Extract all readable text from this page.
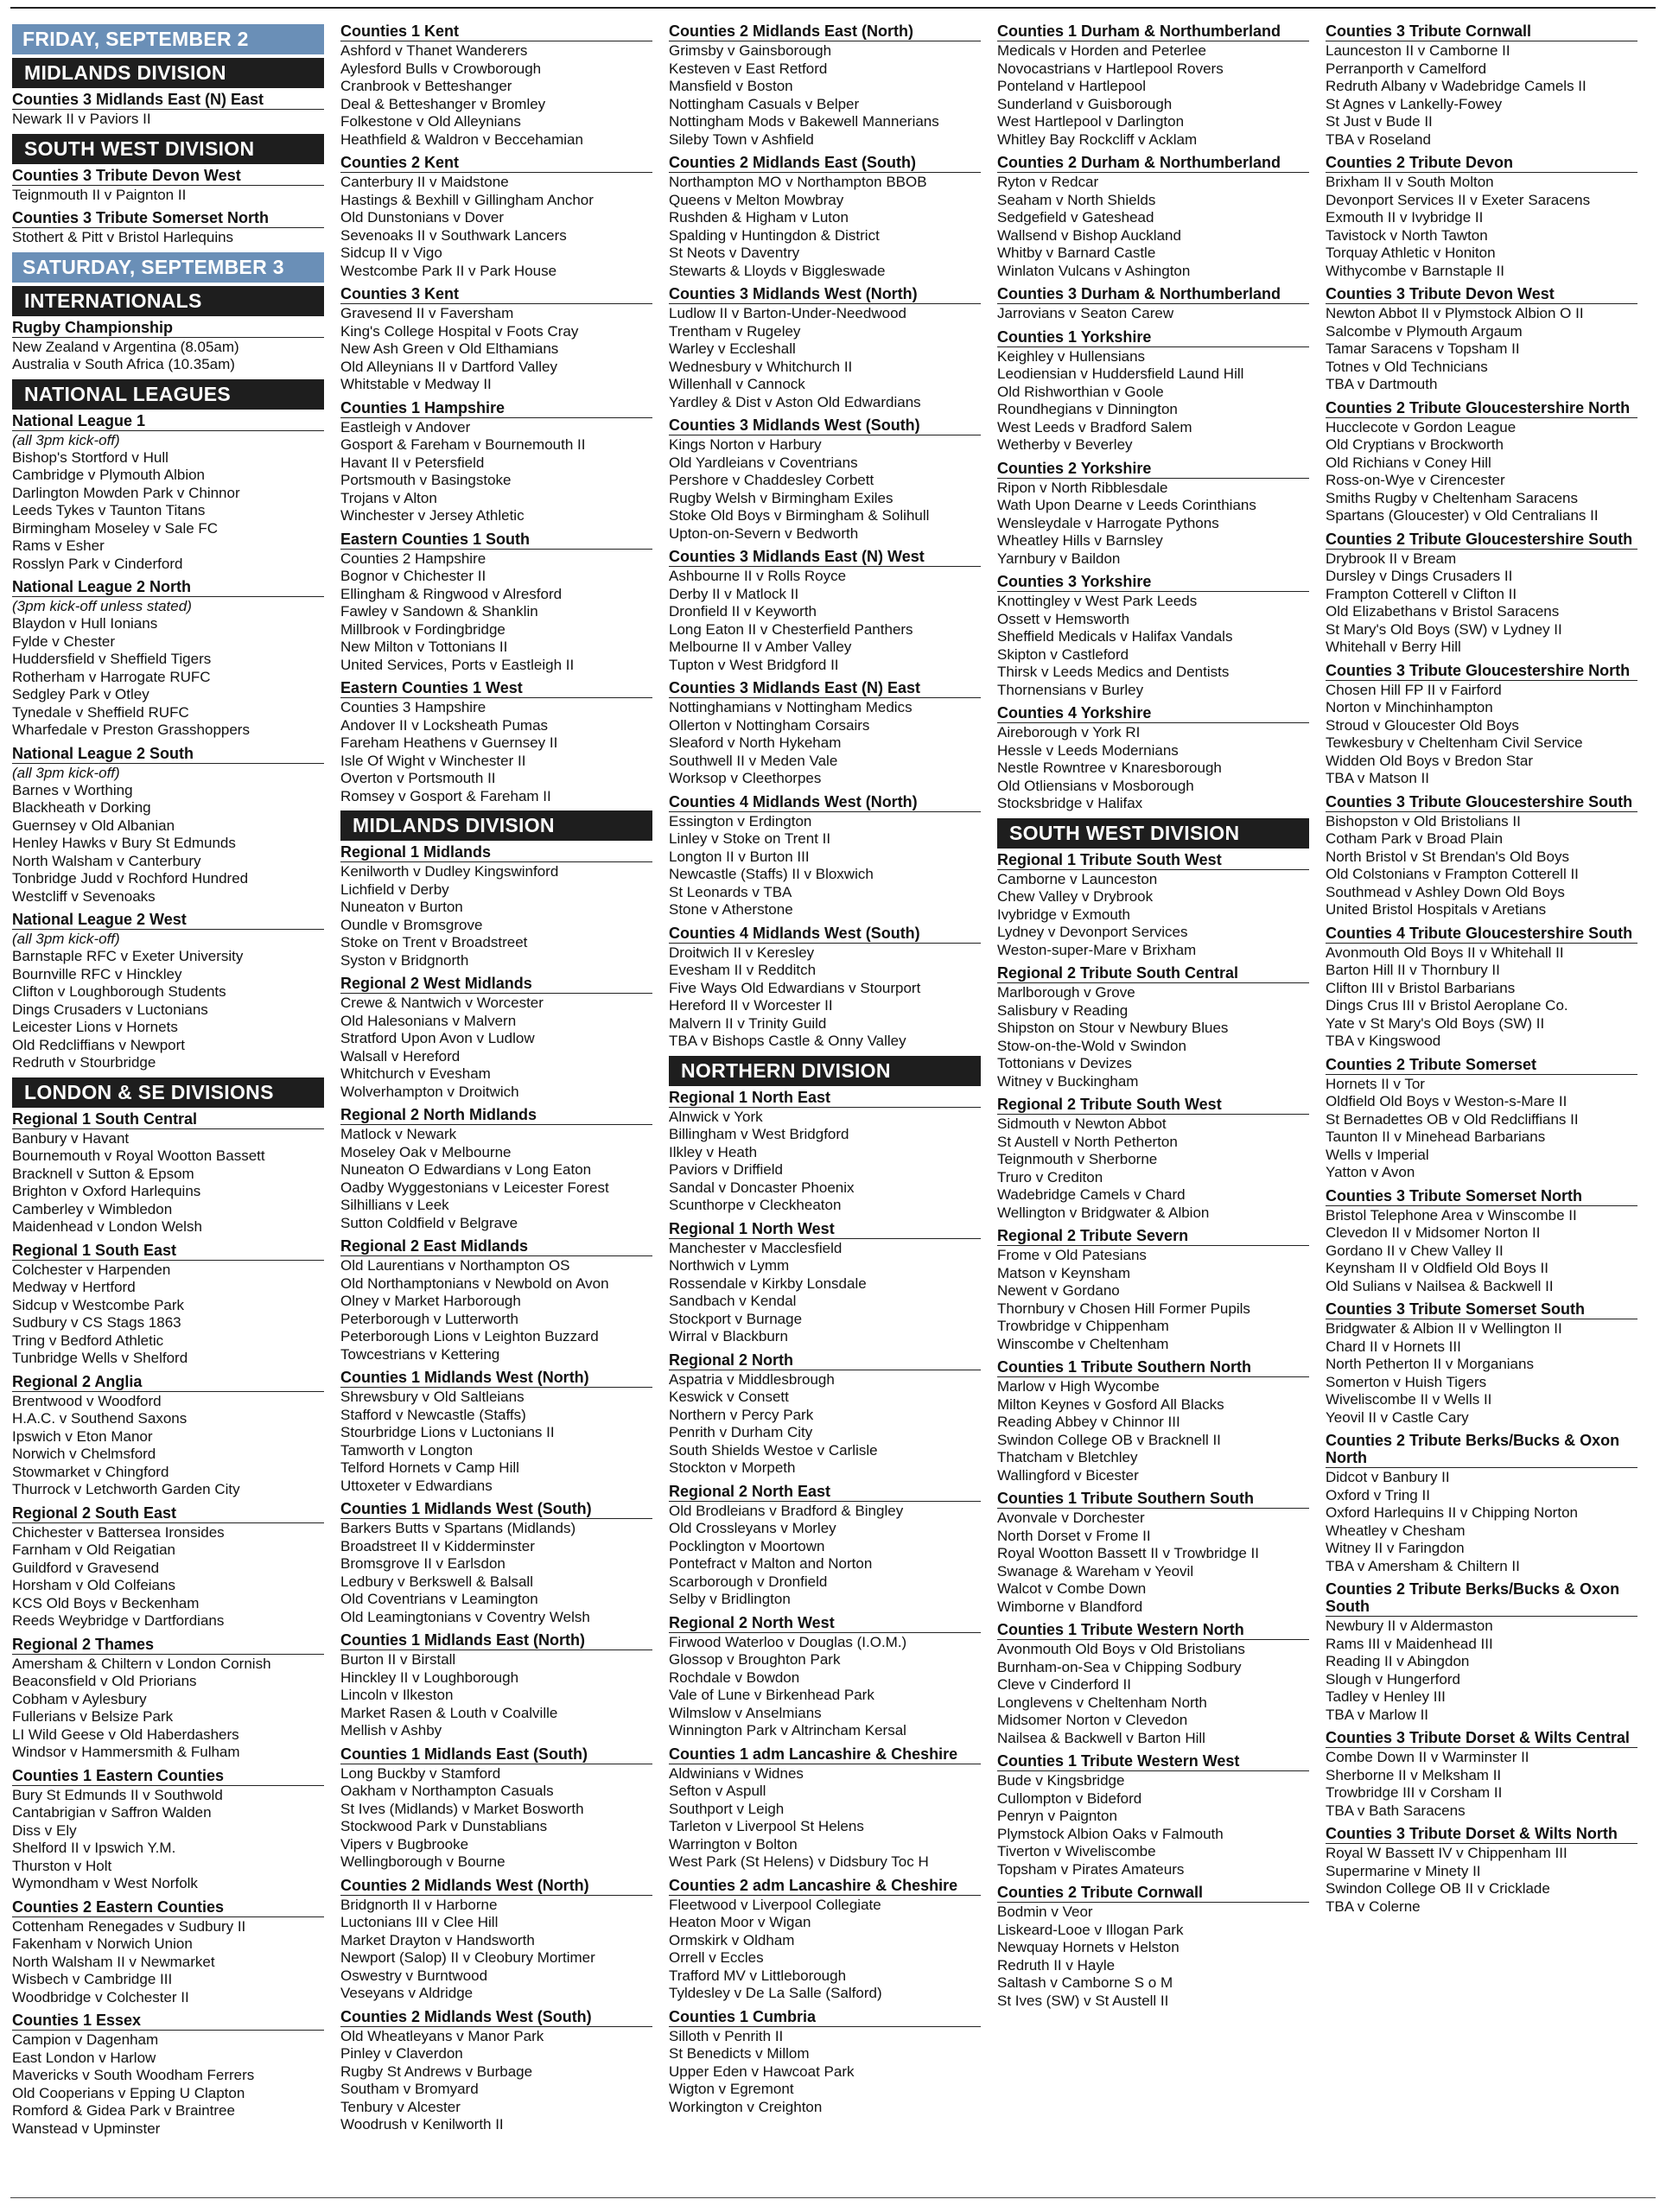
FRIDAY, SEPTEMBER 2
MIDLANDS DIVISION
Counties 3 Midlands East (N) East
Newark II v Paviors II
SOUTH WEST DIVISION
Counties 3 Tribute Devon West
Teignmouth II v Paignton II
Counties 3 Tribute Somerset North
Stothert & Pitt v Bristol Harlequins
SATURDAY, SEPTEMBER 3
INTERNATIONALS
Rugby Championship
New Zealand v Argentina (8.05am)
Australia v South Africa (10.35am)
NATIONAL LEAGUES
National League 1
(all 3pm kick-off)
Bishop's Stortford v Hull
Cambridge v Plymouth Albion
Darlington Mowden Park v Chinnor
Leeds Tykes v Taunton Titans
Birmingham Moseley v Sale FC
Rams v Esher
Rosslyn Park v Cinderford
National League 2 North
(3pm kick-off unless stated)
Blaydon v Hull Ionians
Fylde v Chester
Huddersfield v Sheffield Tigers
Rotherham v Harrogate RUFC
Sedgley Park v Otley
Tynedale v Sheffield RUFC
Wharfedale v Preston Grasshoppers
National League 2 South
(all 3pm kick-off)
Barnes v Worthing
Blackheath v Dorking
Guernsey v Old Albanian
Henley Hawks v Bury St Edmunds
North Walsham v Canterbury
Tonbridge Judd v Rochford Hundred
Westcliff v Sevenoaks
National League 2 West
(all 3pm kick-off)
Barnstaple RFC v Exeter University
Bournville RFC v Hinckley
Clifton v Loughborough Students
Dings Crusaders v Luctonians
Leicester Lions v Hornets
Old Redcliffians v Newport
Redruth v Stourbridge
LONDON & SE DIVISIONS
Regional 1 South Central
Banbury v Havant
Bournemouth v Royal Wootton Bassett
Bracknell v Sutton & Epsom
Brighton v Oxford Harlequins
Camberley v Wimbledon
Maidenhead v London Welsh
Regional 1 South East
Colchester v Harpenden
Medway v Hertford
Sidcup v Westcombe Park
Sudbury v CS Stags 1863
Tring v Bedford Athletic
Tunbridge Wells v Shelford
Regional 2 Anglia
Brentwood v Woodford
H.A.C. v Southend Saxons
Ipswich v Eton Manor
Norwich v Chelmsford
Stowmarket v Chingford
Thurrock v Letchworth Garden City
Regional 2 South East
Chichester v Battersea Ironsides
Farnham v Old Reigatian
Guildford v Gravesend
Horsham v Old Colfeians
KCS Old Boys v Beckenham
Reeds Weybridge v Dartfordians
Regional 2 Thames
Amersham & Chiltern v London Cornish
Beaconsfield v Old Priorians
Cobham v Aylesbury
Fullerians v Belsize Park
LI Wild Geese v Old Haberdashers
Windsor v Hammersmith & Fulham
Counties 1 Eastern Counties
Bury St Edmunds II v Southwold
Cantabrigian v Saffron Walden
Diss v Ely
Shelford II v Ipswich Y.M.
Thurston v Holt
Wymondham v West Norfolk
Counties 2 Eastern Counties
Cottenham Renegades v Sudbury II
Fakenham v Norwich Union
North Walsham II v Newmarket
Wisbech v Cambridge III
Woodbridge v Colchester II
Counties 1 Essex
Campion v Dagenham
East London v Harlow
Mavericks v South Woodham Ferrers
Old Cooperians v Epping U Clapton
Romford & Gidea Park v Braintree
Wanstead v Upminster
Counties 1 Kent
Ashford v Thanet Wanderers
Aylesford Bulls v Crowborough
Cranbrook v Betteshanger
Deal & Betteshanger v Bromley
Folkestone v Old Alleynians
Heathfield & Waldron v Beccehamian
Counties 2 Kent
Canterbury II v Maidstone
Hastings & Bexhill v Gillingham Anchor
Old Dunstonians v Dover
Sevenoaks II v Southwark Lancers
Sidcup II v Vigo
Westcombe Park II v Park House
Counties 3 Kent
Gravesend II v Faversham
King's College Hospital v Foots Cray
New Ash Green v Old Elthamians
Old Alleynians II v Dartford Valley
Whitstable v Medway II
Counties 1 Hampshire
Eastleigh v Andover
Gosport & Fareham v Bournemouth II
Havant II v Petersfield
Portsmouth v Basingstoke
Trojans v Alton
Winchester v Jersey Athletic
Eastern Counties 1 South
Counties 2 Hampshire
Bognor v Chichester II
Ellingham & Ringwood v Alresford
Fawley v Sandown & Shanklin
Millbrook v Fordingbridge
New Milton v Tottonians II
United Services, Ports v Eastleigh II
Eastern Counties 1 West
Counties 3 Hampshire
Andover II v Locksheath Pumas
Fareham Heathens v Guernsey II
Isle Of Wight v Winchester II
Overton v Portsmouth II
Romsey v Gosport & Fareham II
MIDLANDS DIVISION
Regional 1 Midlands
Kenilworth v Dudley Kingswinford
Lichfield v Derby
Nuneaton v Burton
Oundle v Bromsgrove
Stoke on Trent v Broadstreet
Syston v Bridgnorth
Regional 2 West Midlands
Crewe & Nantwich v Worcester
Old Halesonians v Malvern
Stratford Upon Avon v Ludlow
Walsall v Hereford
Whitchurch v Evesham
Wolverhampton v Droitwich
Regional 2 North Midlands
Matlock v Newark
Moseley Oak v Melbourne
Nuneaton O Edwardians v Long Eaton
Oadby Wyggestonians v Leicester Forest
Silhillians v Leek
Sutton Coldfield v Belgrave
Regional 2 East Midlands
Old Laurentians v Northampton OS
Old Northamptonians v Newbold on Avon
Olney v Market Harborough
Peterborough v Lutterworth
Peterborough Lions v Leighton Buzzard
Towcestrians v Kettering
Counties 1 Midlands West (North)
Shrewsbury v Old Saltleians
Stafford v Newcastle (Staffs)
Stourbridge Lions v Luctonians II
Tamworth v Longton
Telford Hornets v Camp Hill
Uttoxeter v Edwardians
Counties 1 Midlands West (South)
Barkers Butts v Spartans (Midlands)
Broadstreet II v Kidderminster
Bromsgrove II v Earlsdon
Ledbury v Berkswell & Balsall
Old Coventrians v Leamington
Old Leamingtonians v Coventry Welsh
Counties 1 Midlands East (North)
Burton II v Birstall
Hinckley II v Loughborough
Lincoln v Ilkeston
Market Rasen & Louth v Coalville
Mellish v Ashby
Counties 1 Midlands East (South)
Long Buckby v Stamford
Oakham v Northampton Casuals
St Ives (Midlands) v Market Bosworth
Stockwood Park v Dunstablians
Vipers v Bugbrooke
Wellingborough v Bourne
Counties 2 Midlands West (North)
Bridgnorth II v Harborne
Luctonians III v Clee Hill
Market Drayton v Handsworth
Newport (Salop) II v Cleobury Mortimer
Oswestry v Burntwood
Veseyans v Aldridge
Counties 2 Midlands West (South)
Old Wheatleyans v Manor Park
Pinley v Claverdon
Rugby St Andrews v Burbage
Southam v Bromyard
Tenbury v Alcester
Woodrush v Kenilworth II
Counties 2 Midlands East (North)
Grimsby v Gainsborough
Kesteven v East Retford
Mansfield v Boston
Nottingham Casuals v Belper
Nottingham Mods v Bakewell Mannerians
Sileby Town v Ashfield
Counties 2 Midlands East (South)
Northampton MO v Northampton BBOB
Queens v Melton Mowbray
Rushden & Higham v Luton
Spalding v Huntingdon & District
St Neots v Daventry
Stewarts & Lloyds v Biggleswade
Counties 3 Midlands West (North)
Ludlow II v Barton-Under-Needwood
Trentham v Rugeley
Warley v Eccleshall
Wednesbury v Whitchurch II
Willenhall v Cannock
Yardley & Dist v Aston Old Edwardians
Counties 3 Midlands West (South)
Kings Norton v Harbury
Old Yardleians v Coventrians
Pershore v Chaddesley Corbett
Rugby Welsh v Birmingham Exiles
Stoke Old Boys v Birmingham & Solihull
Upton-on-Severn v Bedworth
Counties 3 Midlands East (N) West
Ashbourne II v Rolls Royce
Derby II v Matlock II
Dronfield II v Keyworth
Long Eaton II v Chesterfield Panthers
Melbourne II v Amber Valley
Tupton v West Bridgford II
Counties 3 Midlands East (N) East
Nottinghamians v Nottingham Medics
Ollerton v Nottingham Corsairs
Sleaford v North Hykeham
Southwell II v Meden Vale
Worksop v Cleethorpes
Counties 4 Midlands West (North)
Essington v Erdington
Linley v Stoke on Trent II
Longton II v Burton III
Newcastle (Staffs) II v Bloxwich
St Leonards v TBA
Stone v Atherstone
Counties 4 Midlands West (South)
Droitwich II v Keresley
Evesham II v Redditch
Five Ways Old Edwardians v Stourport
Hereford II v Worcester II
Malvern II v Trinity Guild
TBA v Bishops Castle & Onny Valley
NORTHERN DIVISION
Regional 1 North East
Alnwick v York
Billingham v West Bridgford
Ilkley v Heath
Paviors v Driffield
Sandal v Doncaster Phoenix
Scunthorpe v Cleckheaton
Regional 1 North West
Manchester v Macclesfield
Northwich v Lymm
Rossendale v Kirkby Lonsdale
Sandbach v Kendal
Stockport v Burnage
Wirral v Blackburn
Regional 2 North
Aspatria v Middlesbrough
Keswick v Consett
Northern v Percy Park
Penrith v Durham City
South Shields Westoe v Carlisle
Stockton v Morpeth
Regional 2 North East
Old Brodleians v Bradford & Bingley
Old Crossleyans v Morley
Pocklington v Moortown
Pontefract v Malton and Norton
Scarborough v Dronfield
Selby v Bridlington
Regional 2 North West
Firwood Waterloo v Douglas (I.O.M.)
Glossop v Broughton Park
Rochdale v Bowdon
Vale of Lune v Birkenhead Park
Wilmslow v Anselmians
Winnington Park v Altrincham Kersal
Counties 1 adm Lancashire & Cheshire
Aldwinians v Widnes
Sefton v Aspull
Southport v Leigh
Tarleton v Liverpool St Helens
Warrington v Bolton
West Park (St Helens) v Didsbury Toc H
Counties 2 adm Lancashire & Cheshire
Fleetwood v Liverpool Collegiate
Heaton Moor v Wigan
Ormskirk v Oldham
Orrell v Eccles
Trafford MV v Littleborough
Tyldesley v De La Salle (Salford)
Counties 1 Cumbria
Silloth v Penrith II
St Benedicts v Millom
Upper Eden v Hawcoat Park
Wigton v Egremont
Workington v Creighton
Counties 1 Durham & Northumberland
Medicals v Horden and Peterlee
Novocastrians v Hartlepool Rovers
Ponteland v Hartlepool
Sunderland v Guisborough
West Hartlepool v Darlington
Whitley Bay Rockcliff v Acklam
Counties 2 Durham & Northumberland
Ryton v Redcar
Seaham v North Shields
Sedgefield v Gateshead
Wallsend v Bishop Auckland
Whitby v Barnard Castle
Winlaton Vulcans v Ashington
Counties 3 Durham & Northumberland
Jarrovians v Seaton Carew
Counties 1 Yorkshire
Keighley v Hullensians
Leodiensian v Huddersfield Laund Hill
Old Rishworthian v Goole
Roundhegians v Dinnington
West Leeds v Bradford Salem
Wetherby v Beverley
Counties 2 Yorkshire
Ripon v North Ribblesdale
Wath Upon Dearne v Leeds Corinthians
Wensleydale v Harrogate Pythons
Wheatley Hills v Barnsley
Yarnbury v Baildon
Counties 3 Yorkshire
Knottingley v West Park Leeds
Ossett v Hemsworth
Sheffield Medicals v Halifax Vandals
Skipton v Castleford
Thirsk v Leeds Medics and Dentists
Thornensians v Burley
Counties 4 Yorkshire
Aireborough v York RI
Hessle v Leeds Modernians
Nestle Rowntree v Knaresborough
Old Otliensians v Mosborough
Stocksbridge v Halifax
SOUTH WEST DIVISION
Regional 1 Tribute South West
Camborne v Launceston
Chew Valley v Drybrook
Ivybridge v Exmouth
Lydney v Devonport Services
Weston-super-Mare v Brixham
Regional 2 Tribute South Central
Marlborough v Grove
Salisbury v Reading
Shipston on Stour v Newbury Blues
Stow-on-the-Wold v Swindon
Tottonians v Devizes
Witney v Buckingham
Regional 2 Tribute South West
Sidmouth v Newton Abbot
St Austell v North Petherton
Teignmouth v Sherborne
Truro v Crediton
Wadebridge Camels v Chard
Wellington v Bridgwater & Albion
Regional 2 Tribute Severn
Frome v Old Patesians
Matson v Keynsham
Newent v Gordano
Thornbury v Chosen Hill Former Pupils
Trowbridge v Chippenham
Winscombe v Cheltenham
Counties 1 Tribute Southern North
Marlow v High Wycombe
Milton Keynes v Gosford All Blacks
Reading Abbey v Chinnor III
Swindon College OB v Bracknell II
Thatcham v Bletchley
Wallingford v Bicester
Counties 1 Tribute Southern South
Avonvale v Dorchester
North Dorset v Frome II
Royal Wootton Bassett II v Trowbridge II
Swanage & Wareham v Yeovil
Walcot v Combe Down
Wimborne v Blandford
Counties 1 Tribute Western North
Avonmouth Old Boys v Old Bristolians
Burnham-on-Sea v Chipping Sodbury
Cleve v Cinderford II
Longlevens v Cheltenham North
Midsomer Norton v Clevedon
Nailsea & Backwell v Barton Hill
Counties 1 Tribute Western West
Bude v Kingsbridge
Cullompton v Bideford
Penryn v Paignton
Plymstock Albion Oaks v Falmouth
Tiverton v Wiveliscombe
Topsham v Pirates Amateurs
Counties 2 Tribute Cornwall
Bodmin v Veor
Liskeard-Looe v Illogan Park
Newquay Hornets v Helston
Redruth II v Hayle
Saltash v Camborne S o M
St Ives (SW) v St Austell II
Counties 3 Tribute Cornwall
Launceston II v Camborne II
Perranporth v Camelford
Redruth Albany v Wadebridge Camels II
St Agnes v Lankelly-Fowey
St Just v Bude II
TBA v Roseland
Counties 2 Tribute Devon
Brixham II v South Molton
Devonport Services II v Exeter Saracens
Exmouth II v Ivybridge II
Tavistock v North Tawton
Torquay Athletic v Honiton
Withycombe v Barnstaple II
Counties 3 Tribute Devon West
Newton Abbot II v Plymstock Albion O II
Salcombe v Plymouth Argaum
Tamar Saracens v Topsham II
Totnes v Old Technicians
TBA v Dartmouth
Counties 2 Tribute Gloucestershire North
Hucclecote v Gordon League
Old Cryptians v Brockworth
Old Richians v Coney Hill
Ross-on-Wye v Cirencester
Smiths Rugby v Cheltenham Saracens
Spartans (Gloucester) v Old Centralians II
Counties 2 Tribute Gloucestershire South
Drybrook II v Bream
Dursley v Dings Crusaders II
Frampton Cotterell v Clifton II
Old Elizabethans v Bristol Saracens
St Mary's Old Boys (SW) v Lydney II
Whitehall v Berry Hill
Counties 3 Tribute Gloucestershire North
Chosen Hill FP II v Fairford
Norton v Minchinhampton
Stroud v Gloucester Old Boys
Tewkesbury v Cheltenham Civil Service
Widden Old Boys v Bredon Star
TBA v Matson II
Counties 3 Tribute Gloucestershire South
Bishopston v Old Bristolians II
Cotham Park v Broad Plain
North Bristol v St Brendan's Old Boys
Old Colstonians v Frampton Cotterell II
Southmead v Ashley Down Old Boys
United Bristol Hospitals v Aretians
Counties 4 Tribute Gloucestershire South
Avonmouth Old Boys II v Whitehall II
Barton Hill II v Thornbury II
Clifton III v Bristol Barbarians
Dings Crus III v Bristol Aeroplane Co.
Yate v St Mary's Old Boys (SW) II
TBA v Kingswood
Counties 2 Tribute Somerset
Hornets II v Tor
Oldfield Old Boys v Weston-s-Mare II
St Bernadettes OB v Old Redcliffians II
Taunton II v Minehead Barbarians
Wells v Imperial
Yatton v Avon
Counties 3 Tribute Somerset North
Bristol Telephone Area v Winscombe II
Clevedon II v Midsomer Norton II
Gordano II v Chew Valley II
Keynsham II v Oldfield Old Boys II
Old Sulians v Nailsea & Backwell II
Counties 3 Tribute Somerset South
Bridgwater & Albion II v Wellington II
Chard II v Hornets III
North Petherton II v Morganians
Somerton v Huish Tigers
Wiveliscombe II v Wells II
Yeovil II v Castle Cary
Counties 2 Tribute Berks/Bucks & Oxon North
Didcot v Banbury II
Oxford v Tring II
Oxford Harlequins II v Chipping Norton
Wheatley v Chesham
Witney II v Faringdon
TBA v Amersham & Chiltern II
Counties 2 Tribute Berks/Bucks & Oxon South
Newbury II v Aldermaston
Rams III v Maidenhead III
Reading II v Abingdon
Slough v Hungerford
Tadley v Henley III
TBA v Marlow II
Counties 3 Tribute Dorset & Wilts Central
Combe Down II v Warminster II
Sherborne II v Melksham II
Trowbridge III v Corsham II
TBA v Bath Saracens
Counties 3 Tribute Dorset & Wilts North
Royal W Bassett IV v Chippenham III
Supermarine v Minety II
Swindon College OB II v Cricklade
TBA v Colerne
